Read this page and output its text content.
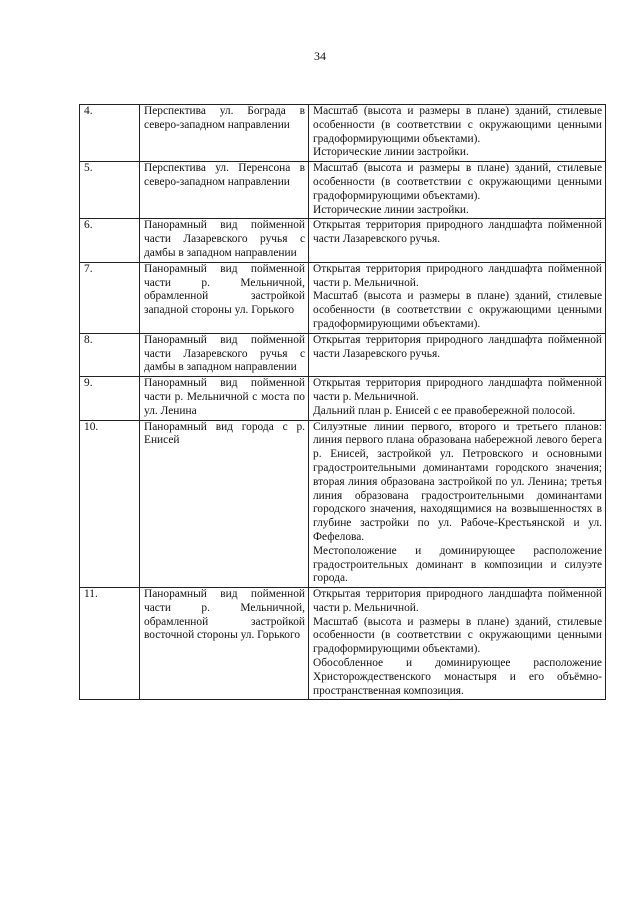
34
4.	Перспектива ул. Бограда в северо-западном направлении	Масштаб (высота и размеры в плане) зданий, стилевые особенности (в соответствии с окружающими ценными градоформирующими объектами).
Исторические линии застройки.

5.	Перспектива ул. Перенсона в северо-западном направлении	Масштаб (высота и размеры в плане) зданий, стилевые особенности (в соответствии с окружающими ценными градоформирующими объектами).
Исторические линии застройки.

6.	Панорамный вид пойменной части Лазаревского ручья с дамбы в западном направлении	Открытая территория природного ландшафта пойменной части Лазаревского ручья.

7.	Панорамный вид пойменной части р. Мельничной, обрамленной застройкой западной стороны ул. Горького	Открытая территория природного ландшафта пойменной части р. Мельничной.
Масштаб (высота и размеры в плане) зданий, стилевые особенности (в соответствии с окружающими ценными градоформирующими объектами).

8.	Панорамный вид пойменной части Лазаревского ручья с дамбы в западном направлении	Открытая территория природного ландшафта пойменной части Лазаревского ручья.

9.	Панорамный вид пойменной части р. Мельничной с моста по ул. Ленина	Открытая территория природного ландшафта пойменной части р. Мельничной.
Дальний план р. Енисей с ее правобережной полосой.

10.	Панорамный вид города с р. Енисей	Силуэтные линии первого, второго и третьего планов: линия первого плана образована набережной левого берега р. Енисей, застройкой ул. Петровского и основными градостроительными доминантами городского значения; вторая линия образована застройкой по ул. Ленина; третья линия образована градостроительными доминантами городского значения, находящимися на возвышенностях в глубине застройки по ул. Рабоче-Крестьянской и ул. Фефелова.
Местоположение и доминирующее расположение градостроительных доминант в композиции и силуэте города.

11.	Панорамный вид пойменной части р. Мельничной, обрамленной застройкой восточной стороны ул. Горького	Открытая территория природного ландшафта пойменной части р. Мельничной.
Масштаб (высота и размеры в плане) зданий, стилевые особенности (в соответствии с окружающими ценными градоформирующими объектами).
Обособленное и доминирующее расположение Христорождественского монастыря и его объёмно-пространственная композиция.
